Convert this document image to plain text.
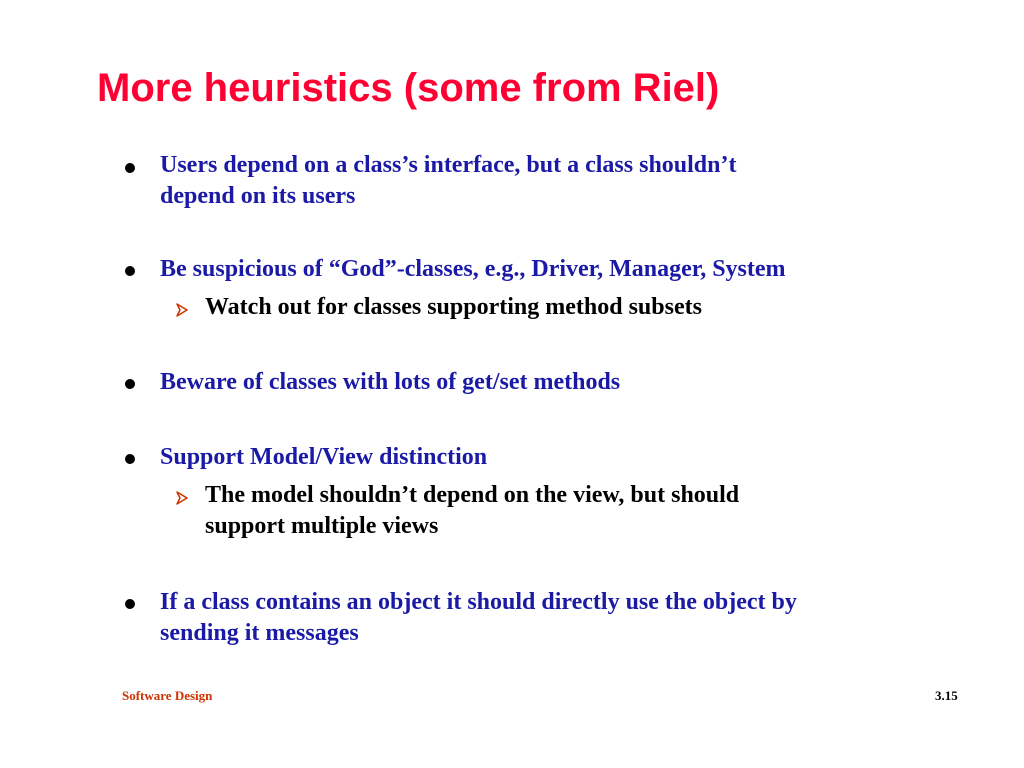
More heuristics (some from Riel)
Users depend on a class’s interface, but a class shouldn’t
depend on its users
Be suspicious of “God”-classes, e.g., Driver, Manager, System
Watch out for classes supporting method subsets
Beware of classes with lots of get/set methods
Support Model/View distinction
The model shouldn’t depend on the view, but should
support multiple views
If a class contains an object it should directly use the object by
sending it messages
Software Design	3.15
